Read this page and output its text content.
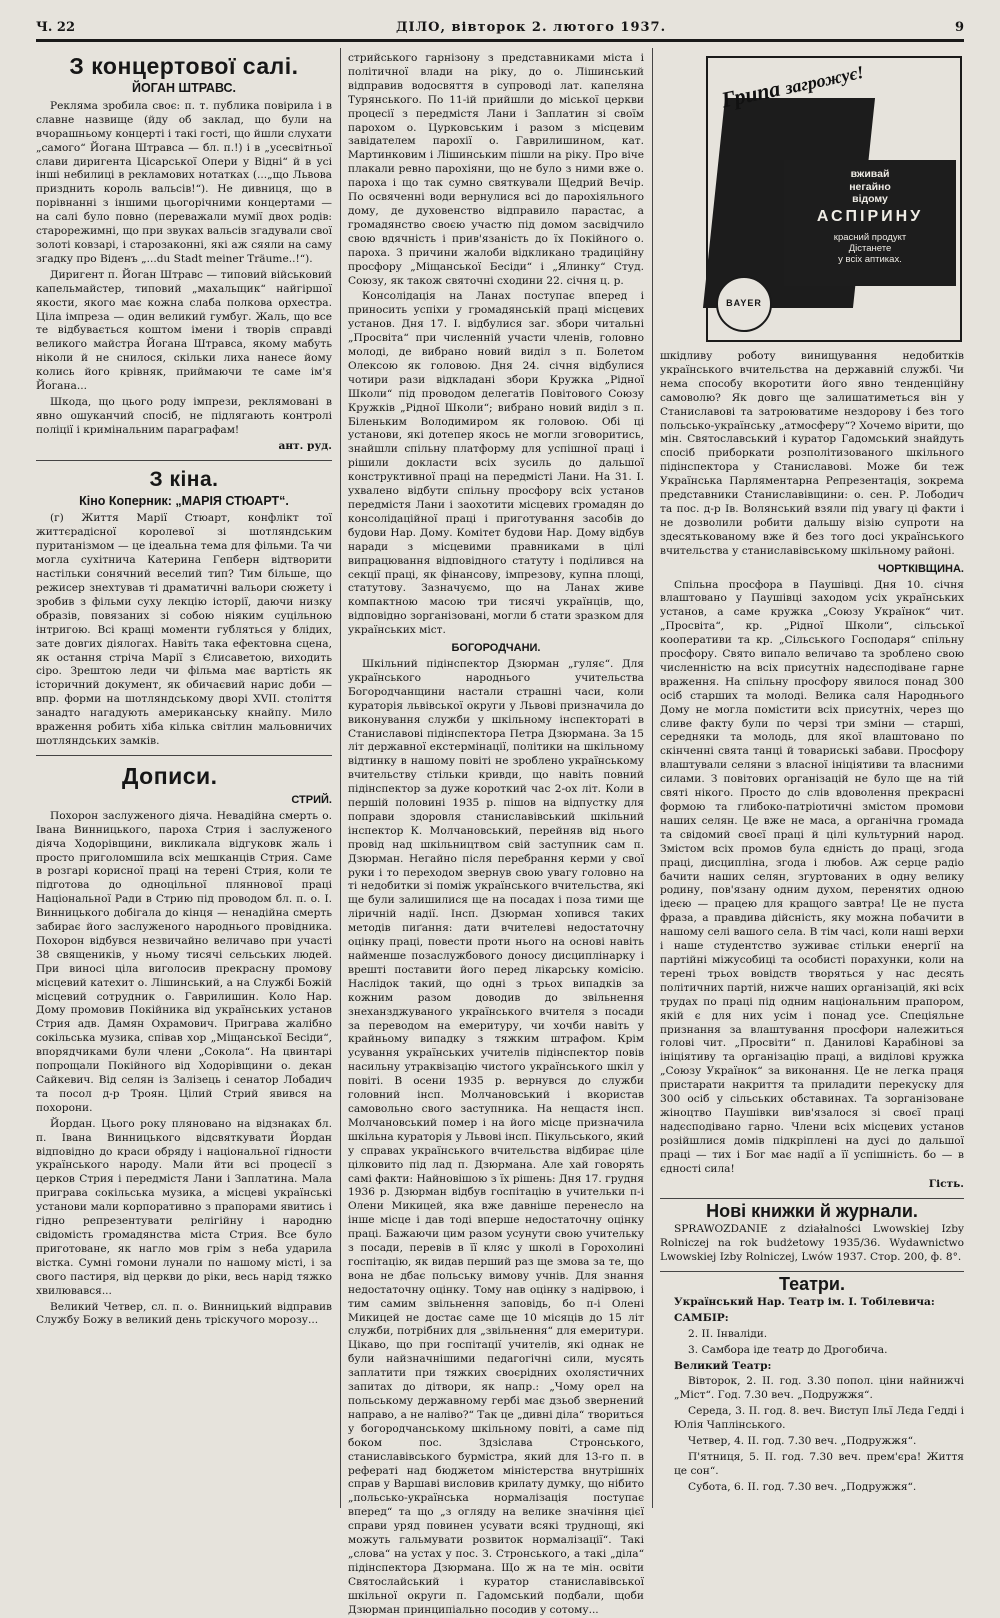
Ч. 22	ДІЛО, вівторок 2. лютого 1937.	9
З концертової салі.
ЙОГАН ШТРАВС.

Реклямa зробила своє: п. т. публика повірила і в славне назвище (йду об заклад, що були на вчорашньому концерті і такі гості, що йшли слухати „самого“ Йогана Штравса — бл. п.!) і в „усесвітньої слави диригента Цісарської Опери у Відні“ й в усі інші небилиці в рекламових нотатках (...„що Львова призднить король вальсів!“). Не дивниця, що в порівнанні з іншими цьогорічними концертами — на салі було повно (переважали мумії двох родів: старорежимні, що при звуках вальсів згадували свої золоті ковзарі, і старозаконні, які аж сяяли на саму згадку про Віденъ „...du Stadt meiner Träume..!“).

Диригент п. Йоган Штравс — типовий військовий капельмайстер, типовий „махальщик“ найгіршої якости, якого має кожна слаба полкова орхестра. Ціла імпреза — один великий гумбуг. Жаль, що все те відбувається коштом імени і творів справді великого майстра Йогана Штравса, якому мабуть ніколи й не снилося, скільки лиха нанесе йому колись його крівняк, приймаючи те саме ім'я Йогана...

Шкода, що цього роду імпрези, реклямовані в явно ошуканчий спосіб, не підлягають контролі поліції і кримінальним параграфам!

ант. руд.
З кіна.
Кіно Коперник: „МАРІЯ СТЮАРТ“.

(г) Життя Марії Стюарт, конфлікт тої життєрадісної королевої зі шотляндським пуританізмом — це ідеальна тема для фільми. Та чи могла сухітнича Катерина Гепберн відтворити настільки сонячний веселий тип? Тим більше, що режисер знехтував ті драматичні вальори сюжету і зробив з фільми суху лекцію історії, даючи низку образів, повязаних зі собою ніяким суцільною інтригою. Всі кращі моменти губляться у блідих, зате довгих діялогах. Навіть така ефектовна сцена, як остання стріча Марії з Єлисаветою, виходить сіро. Зрештою леди чи фільма має вартість як історичний документ, як обичаєвий нарис доби — впр. форми на шотляндському дворі XVII. століття занадто нагадують американську кнайпу. Мило враження робить хіба кілька світлин мальовничих шотляндських замків.

Дописи.
СТРИЙ.

Похорон заслуженого діяча. Невадійна смерть о. Івана Винницького, пароха Стрия і заслуженого діяча Ходорівщини, викликала відгуковк жаль і просто приголомшила всіх мешканців Стрия. Саме в розгарі корисної праці на терені Стрия, коли те підготова до одноцільної пляннової праці Національної Ради в Стрию під проводом бл. п. о. І. Винницького добігала до кінця — ненадійна смерть забирає його заслуженого народнього провідника. Похорон відбувся незвичайно величаво при участі 38 священиків, у ньому тисячі сельських людей. При виносі ціла виголосив прекрасну промову місцевий катехит о. Лішинський, а на Службі Божій місцевий сотрудник о. Гаврилишин. Коло Нар. Дому промовив Покійника від українських установ Стрия адв. Дамян Охрамович. Приграва жалібно сокільська музика, співав хор „Міщанської Бесіди“, впорядчиками були члени „Сокола“. На цвинтарі попрощали Покійного від Ходорівщини о. декан Сайкевич. Від селян із Залізець і сенатор Лобадич та посол д-р Троян. Цілий Стрий явився на похорони.

Йордан. Цього року пляновано на відзнаках бл. п. Івана Винницького відсвяткувати Йордан відповідно до краси обряду і національної гідности українського народу. Мали йти всі процесії з церков Стрия і передмістя Лани і Заплатина. Мала приграва сокільська музика, а місцеві українські установи мали корпоративно з прапорами явитись і гідно репрезентувати релігійну і народню свідомість громадянства міста Стрия. Все було приготоване, як нагло мов грім з неба ударила вістка. Сумні гомони лунали по нашому місті, і за свого пастиря, від церкви до ріки, весь нарід тяжко хвилювався...

Великий Четвер, сл. п. о. Винницький відправив Службу Божу в великий день тріскучого морозу...

стрийського гарнізону з представниками міста і політичної влади на ріку, до о. Лішинський відправив водосвяття в супроводі лат. капеляна Турянського. По 11-ій прийшли до міської церкви процесії з передмістя Лани і Заплатин зі своїм парохом о. Цурковським і разом з місцевим завідателем парохії о. Гаврилишином, кат. Мартинковим і Лішинським пішли на ріку. Про віче плакали ревно парохіяни, що не було з ними вже о. пароха і що так сумно святкували Щедрий Вечір. По освяченні води вернулися всі до парохіяльного дому, де духовенство відправило парастас, а громадянство своєю участю під домом засвідчило свою вдячність і прив'язаність до їх Покійного о. пароха. З причини жалоби відкликано традиційну просфору „Міщанської Бесіди“ і „Ялинку“ Студ. Союзу, як також святочні сходини 22. січня ц. р.

Консолідація на Ланах поступає вперед і приносить успіхи у громадянській праці місцевих установ. Дня 17. I. відбулися заг. збори читальні „Просвіта“ при численній участи членів, головно молоді, де вибрано новий виділ з п. Болетом Олексою як головою. Дня 24. січня відбулися чотири рази відкладані збори Кружка „Рідної Школи“ під проводом делегатів Повітового Союзу Кружків „Рідної Школи“; вибрано новий виділ з п. Біленьким Володимиром як головою. Обі ці установи, які дотепер якось не могли зговоритись, знайшли спільну платформу для успішної праці і рішили докласти всіх зусиль до дальшої конструктивної праці на передмісті Лани. На 31. I. ухвалено відбути спільну просфору всіх установ передмістя Лани і заохотити місцевих громадян до консолідаційної праці і приготування засобів до будови Нар. Дому. Комітет будови Нар. Дому відбув наради з місцевими правниками в цілі випрацювання відповідного статуту і поділився на секції праці, як фінансову, імпрезову, купна площі, статутову. Зазначуємо, що на Ланах живе компактною масою три тисячі українців, що, відповідно зорганізовані, могли б стати зразком для українських міст.

БОГОРОДЧАНИ.

Шкільний підінспектор Дзюрман „гуляє“. Для українського народнього учительства Богородчанщини настали страшні часи, коли кураторія львівської округи у Львові призначила до виконування служби у шкільному інспектораті в Станиславові підінспектора Петра Дзюрмана. За 15 літ державної екстермінації, політики на шкільному відтинку в нашому повіті не зроблено українському вчительству стільки кривди, що навіть повний підінспектор за дуже короткий час 2-ох літ. Коли в першій половині 1935 р. пішов на відпустку для поправи здоровля станиславівський шкільний інспектор К. Молчановський, перейняв від нього провід над шкільництвом свій заступник сам п. Дзюрман. Негайно після перебрання керми у свої руки і то переходом звернув свою увагу головно на ті недобитки зі поміж українського вчительства, які ще були залишилися ще на посадах і поза тими ще ліричній надії. Інсп. Дзюрман хопився таких методів пиґання: дати вчителеві недостаточну оцінку праці, повести проти нього на основі навіть найменше позаслужбового доносу дисциплінарку і врешті поставити його перед лікарську комісію. Наслідок такий, що одні з трьох випадків за кожним разом доводив до звільнення знеханзджуваного українського вчителя з посади за переводом на емеритуру, чи хочби навіть у крайньому випадку з тяжким штрафом. Крім усування українських учителів підінспектор повів насильну утраквізацію чистого українського шкіл у повіті. В осени 1935 р. вернувся до служби головний інсп. Молчановський і вкористав самовольно свого заступника. На нещастя інсп. Молчановський помер і на його місце призначила шкільна кураторія у Львові інсп. Пікульського, який у справах українського вчительства відбирає ціле цілковито під лад п. Дзюрмана. Але хай говорять самі факти: Найновішою з їх рішень: Дня 17. грудня 1936 р. Дзюрман відбув госпітацію в учительки п-і Олени Микицей, яка вже давніше перенесло на інше місце і дав тоді вперше недостаточну оцінку праці. Бажаючи цим разом усунути свою учительку з посади, перевів в її кляс у школі в Горохолині госпітацію, як видав перший раз ще змова за те, що вона не дбає польську вимову учнів. Для знання недостаточну оцінку. Тому нав оцінку з надірвою, і тим самим звільнення заповідь, бо п-і Олені Микицей не достає саме ще 10 місяців до 15 літ служби, потрібних для „звільнення“ для емеритури. Цікаво, що при госпітації учителів, які однак не були найзначнішими педагогічні сили, мусять заплатити при тяжких своєрідних охолястичних запитах до дітвори, як напр.: „Чому орел на польському державному гербі має дзьоб звернений направо, а не наліво?“ Так це „дивні діла“ твориться у богородчанському шкільному повіті, а саме під боком пос. Здзіслава Стронського, станиславівського бурмістра, який для 13-го п. в рефераті над бюджетом міністерства внутрішніх справ у Варшаві висловив крилату думку, що нібито „польсько-українська нормалізація поступає вперед“ та що „з огляду на велике значіння цієї справи уряд повинен усувати всякі труднощі, які можуть гальмувати розвиток нормалізації“. Такі „слова“ на устах у пос. З. Стронського, а такі „діла“ підінспектора Дзюрмана. Що ж на те мін. освіти Святослайський і куратор станиславівської шкільної округи п. Гадомський подбали, щоби Дзюрман принципіально посодив у сотому...

Грипа загрожує!
вживай
негайно
відому
АСПІРИНУ
красний продукт
Дістанете
у всіх аптиках.
BAYER

шкідливу роботу винищування недобитків українського вчительства на державній службі. Чи нема способу вкоротити його явно тенденційну самоволю? Як довго ще залишатиметься він у Станиславові та затроюватиме нездорову і без того польсько-українську „атмосферу“? Хочемо вірити, що мін. Святославський і куратор Гадомський знайдуть спосіб приборкати розполітизованого шкільного підінспектора у Станиславові. Може би теж Українська Парляментарна Репрезентація, зокрема представники Станиславівщини: о. сен. Р. Лободич та пос. д-р Ів. Волянський взяли під увагу ці факти і не дозволили робити дальшу візію супроти на здесятькованому вже й без того досі українського вчительства у станиславівському шкільному районі.

ЧОРТКІВЩИНА.

Спільна просфора в Паушівці. Дня 10. січня влаштовано у Паушівці заходом усіх українських установ, а саме кружка „Союзу Українок“ чит. „Просвіта“, кр. „Рідної Школи“, сільської кооперативи та кр. „Сільського Господаря“ спільну просфору. Свято випало величаво та зроблено свою численністю на всіх присутніх надєсподіване гарне враження. На спільну просфору явилося понад 300 осіб старших та молоді. Велика саля Народнього Дому не могла помістити всіх присутніх, через що сливе факту були по черзі три зміни — старші, середняки та молодь, для якої влаштовано по скінченні свята танці й товариські забави. Просфору влаштували селяни з власної ініціятиви та власними силами. З повітових організацій не було ще на тій святі нікого. Просто до слів вдоволення прекрасні формою та глибоко-патріотичні змістом промови наших селян. Це вже не маса, а органічна громада та свідомий своєї праці й цілі культурний народ. Змістом всіх промов була єдність до праці, згода праці, дисципліна, згода і любов. Аж серце радіо бачити наших селян, згуртованих в одну велику родину, пов'язану одним духом, перенятих одною ідеєю — працею для кращого завтра! Це не пуста фраза, а правдива дійсність, яку можна побачити в нашому селі вашого села. В тім часі, коли наші верхи і наше студентство зуживає стільки енергії на партійні міжусобиці та особисті порахунки, коли на терені трьох вовідств творяться у нас десять політичних партій, нижче наших організацій, які всіх трудах по праці під одним національним прапором, якій є для них усім і понад усе. Спеціяльне признання за влаштування просфори належиться голові чит. „Просвіти“ п. Даниловi Карабінові за ініціятиву та організацію праці, а виділові кружка „Союзу Українок“ за виконання. Це не легка праця пристарати накриття та приладити перекуску для 300 осіб у сільських обставинах. Та зорганізоване жіноцтво Паушівки вив'язалося зі своєї праці надєсподіванo гарно. Члени всіх місцевих установ розійшлися домів підкріплені на дусі до дальшої праці — тих і Бог має надії а її успішність. бо — в єдності сила!

Гість.
Нові книжки й журнали.

SPRAWOZDANIE z działalności Lwowskiej Izby Rolniczej na rok budżetowy 1935/36. Wydawnictwo Lwowskiej Izby Rolniczej, Lwów 1937. Стор. 200, ф. 8°.

Театри.

Український Нар. Театр ім. І. Тобілевича:

САМБІР:

2. II. Інваліди.

3. Самбора іде театр до Дрогобича.

Великий Театр:

Вівторок, 2. II. год. 3.30 попол. ціни найнижчі „Міст“. Год. 7.30 веч. „Подружжя“.

Середа, 3. II. год. 8. веч. Виступ Ільї Лєда Гедді і Юлія Чаплінського.

Четвер, 4. II. год. 7.30 веч. „Подружжя“.

П'ятниця, 5. II. год. 7.30 веч. прем'єра! Життя це сон“.

Субота, 6. II. год. 7.30 веч. „Подружжя“.
